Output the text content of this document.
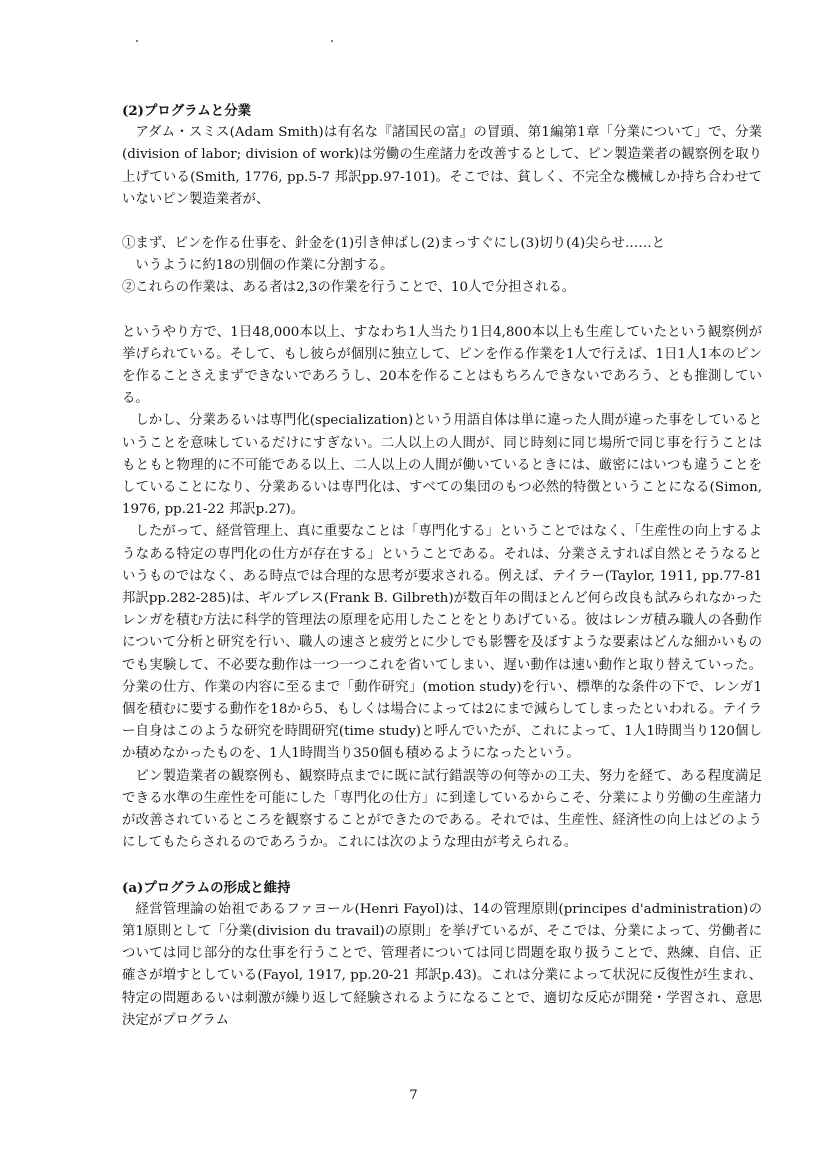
(2)プログラムと分業

アダム・スミス(Adam Smith)は有名な『諸国民の富』の冒頭、第1編第1章「分業について」で、分業(division of labor; division of work)は労働の生産諸力を改善するとして、ピン製造業者の観察例を取り上げている(Smith, 1776, pp.5-7 邦訳pp.97-101)。そこでは、貧しく、不完全な機械しか持ち合わせていないピン製造業者が、

①まず、ピンを作る仕事を、針金を(1)引き伸ばし(2)まっすぐにし(3)切り(4)尖らせ……と

いうように約18の別個の作業に分割する。

②これらの作業は、ある者は2,3の作業を行うことで、10人で分担される。

というやり方で、1日48,000本以上、すなわち1人当たり1日4,800本以上も生産していたという観察例が挙げられている。そして、もし彼らが個別に独立して、ピンを作る作業を1人で行えば、1日1人1本のピンを作ることさえまずできないであろうし、20本を作ることはもちろんできないであろう、とも推測している。

しかし、分業あるいは専門化(specialization)という用語自体は単に違った人間が違った事をしているということを意味しているだけにすぎない。二人以上の人間が、同じ時刻に同じ場所で同じ事を行うことはもともと物理的に不可能である以上、二人以上の人間が働いているときには、厳密にはいつも違うことをしていることになり、分業あるいは専門化は、すべての集団のもつ必然的特徴ということになる(Simon, 1976, pp.21-22 邦訳p.27)。

したがって、経営管理上、真に重要なことは「専門化する」ということではなく、「生産性の向上するようなある特定の専門化の仕方が存在する」ということである。それは、分業さえすれば自然とそうなるというものではなく、ある時点では合理的な思考が要求される。例えば、テイラー(Taylor, 1911, pp.77-81 邦訳pp.282-285)は、ギルブレス(Frank B. Gilbreth)が数百年の間ほとんど何ら改良も試みられなかったレンガを積む方法に科学的管理法の原理を応用したことをとりあげている。彼はレンガ積み職人の各動作について分析と研究を行い、職人の速さと疲労とに少しでも影響を及ぼすような要素はどんな細かいものでも実験して、不必要な動作は一つ一つこれを省いてしまい、遅い動作は速い動作と取り替えていった。分業の仕方、作業の内容に至るまで「動作研究」(motion study)を行い、標準的な条件の下で、レンガ1個を積むに要する動作を18から5、もしくは場合によっては2にまで減らしてしまったといわれる。テイラー自身はこのような研究を時間研究(time study)と呼んでいたが、これによって、1人1時間当り120個しか積めなかったものを、1人1時間当り350個も積めるようになったという。

ピン製造業者の観察例も、観察時点までに既に試行錯誤等の何等かの工夫、努力を経て、ある程度満足できる水準の生産性を可能にした「専門化の仕方」に到達しているからこそ、分業により労働の生産諸力が改善されているところを観察することができたのである。それでは、生産性、経済性の向上はどのようにしてもたらされるのであろうか。これには次のような理由が考えられる。

(a)プログラムの形成と維持

経営管理論の始祖であるファヨール(Henri Fayol)は、14の管理原則(principes d'administration)の第1原則として「分業(division du travail)の原則」を挙げているが、そこでは、分業によって、労働者については同じ部分的な仕事を行うことで、管理者については同じ問題を取り扱うことで、熟練、自信、正確さが増すとしている(Fayol, 1917, pp.20-21 邦訳p.43)。これは分業によって状況に反復性が生まれ、特定の問題あるいは刺激が繰り返して経験されるようになることで、適切な反応が開発・学習され、意思決定がプログラム

7
